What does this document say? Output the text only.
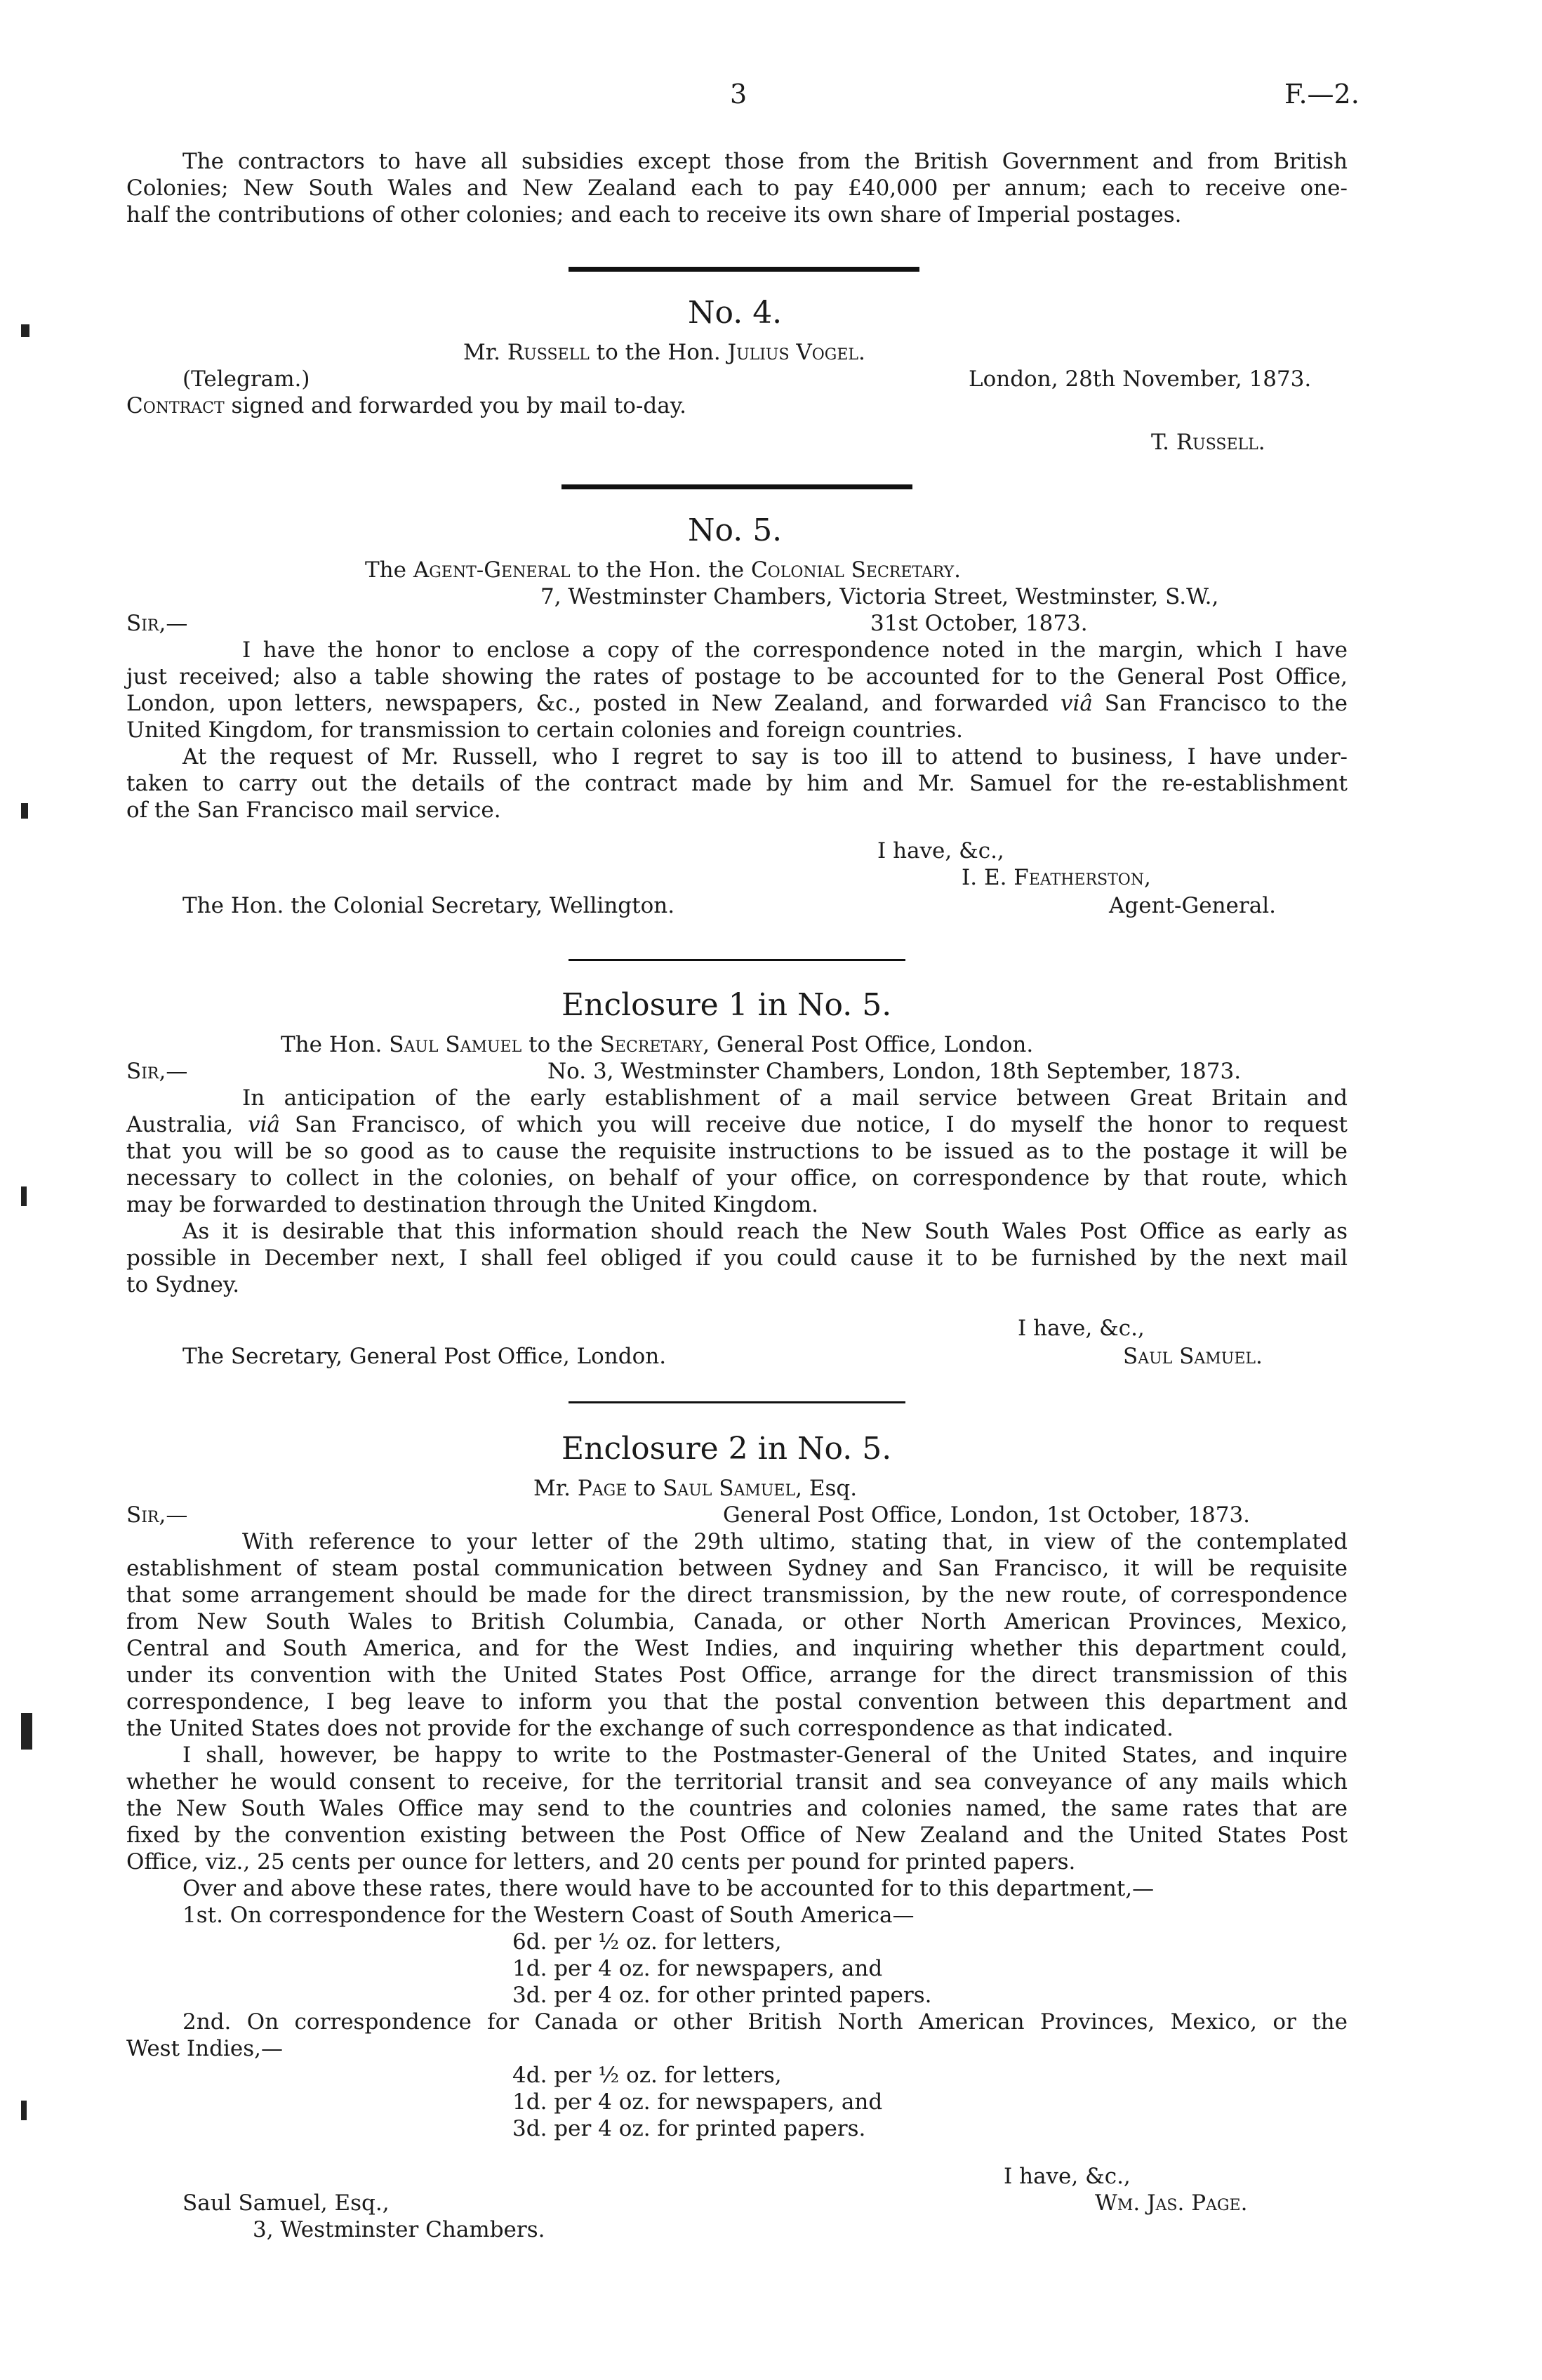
3	F.—2.
The contractors to have all subsidies except those from the British Government and from British
Colonies; New South Wales and New Zealand each to pay £40,000 per annum; each to receive one-
half the contributions of other colonies; and each to receive its own share of Imperial postages.
No. 4.
Mr. Russell to the Hon. Julius Vogel.
(Telegram.)	London, 28th November, 1873.
Contract signed and forwarded you by mail to-day.
T. Russell.
No. 5.
The Agent-General to the Hon. the Colonial Secretary.
7, Westminster Chambers, Victoria Street, Westminster, S.W.,
Sir,—	31st October, 1873.
I have the honor to enclose a copy of the correspondence noted in the margin, which I have
just received; also a table showing the rates of postage to be accounted for to the General Post Office,
London, upon letters, newspapers, &c., posted in New Zealand, and forwarded viâ San Francisco to the
United Kingdom, for transmission to certain colonies and foreign countries.
At the request of Mr. Russell, who I regret to say is too ill to attend to business, I have under-
taken to carry out the details of the contract made by him and Mr. Samuel for the re-establishment
of the San Francisco mail service.
I have, &c.,
I. E. Featherston,
The Hon. the Colonial Secretary, Wellington.	Agent-General.
Enclosure 1 in No. 5.
The Hon. Saul Samuel to the Secretary, General Post Office, London.
Sir,—	No. 3, Westminster Chambers, London, 18th September, 1873.
In anticipation of the early establishment of a mail service between Great Britain and
Australia, viâ San Francisco, of which you will receive due notice, I do myself the honor to request
that you will be so good as to cause the requisite instructions to be issued as to the postage it will be
necessary to collect in the colonies, on behalf of your office, on correspondence by that route, which
may be forwarded to destination through the United Kingdom.
As it is desirable that this information should reach the New South Wales Post Office as early as
possible in December next, I shall feel obliged if you could cause it to be furnished by the next mail
to Sydney.
I have, &c.,
The Secretary, General Post Office, London.	Saul Samuel.
Enclosure 2 in No. 5.
Mr. Page to Saul Samuel, Esq.
Sir,—	General Post Office, London, 1st October, 1873.
With reference to your letter of the 29th ultimo, stating that, in view of the contemplated
establishment of steam postal communication between Sydney and San Francisco, it will be requisite
that some arrangement should be made for the direct transmission, by the new route, of correspondence
from New South Wales to British Columbia, Canada, or other North American Provinces, Mexico,
Central and South America, and for the West Indies, and inquiring whether this department could,
under its convention with the United States Post Office, arrange for the direct transmission of this
correspondence, I beg leave to inform you that the postal convention between this department and
the United States does not provide for the exchange of such correspondence as that indicated.
I shall, however, be happy to write to the Postmaster-General of the United States, and inquire
whether he would consent to receive, for the territorial transit and sea conveyance of any mails which
the New South Wales Office may send to the countries and colonies named, the same rates that are
fixed by the convention existing between the Post Office of New Zealand and the United States Post
Office, viz., 25 cents per ounce for letters, and 20 cents per pound for printed papers.
Over and above these rates, there would have to be accounted for to this department,—
1st. On correspondence for the Western Coast of South America—
6d. per ½ oz. for letters,
1d. per 4 oz. for newspapers, and
3d. per 4 oz. for other printed papers.
2nd. On correspondence for Canada or other British North American Provinces, Mexico, or the
West Indies,—
4d. per ½ oz. for letters,
1d. per 4 oz. for newspapers, and
3d. per 4 oz. for printed papers.
I have, &c.,
Saul Samuel, Esq.,	Wm. Jas. Page.
3, Westminster Chambers.
